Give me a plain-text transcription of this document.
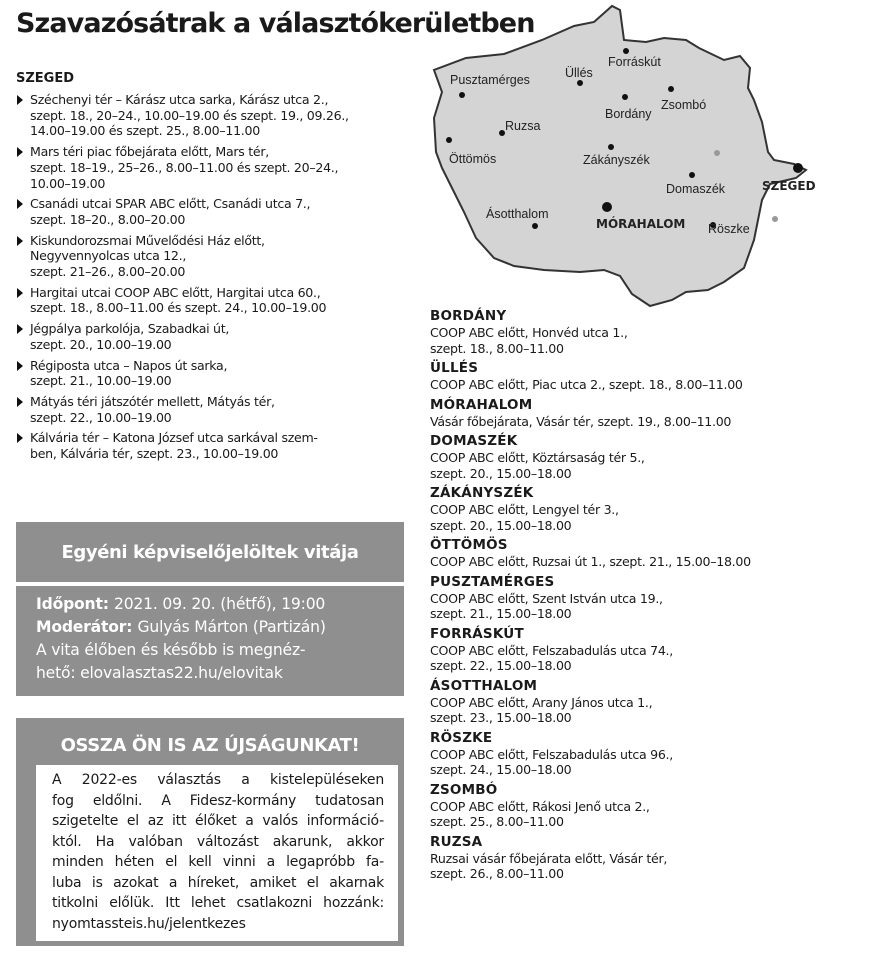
Szavazósátrak a választókerületben
SZEGED
Széchenyi tér – Kárász utca sarka, Kárász utca 2.,
szept. 18., 20–24., 10.00–19.00 és szept. 19., 09.26.,
14.00–19.00 és szept. 25., 8.00–11.00
Mars téri piac főbejárata előtt, Mars tér,
szept. 18–19., 25–26., 8.00–11.00 és szept. 20–24.,
10.00–19.00
Csanádi utcai SPAR ABC előtt, Csanádi utca 7.,
szept. 18–20., 8.00–20.00
Kiskundorozsmai Művelődési Ház előtt,
Negyvennyolcas utca 12.,
szept. 21–26., 8.00–20.00
Hargitai utcai COOP ABC előtt, Hargitai utca 60.,
szept. 18., 8.00–11.00 és szept. 24., 10.00–19.00
Jégpálya parkolója, Szabadkai út,
szept. 20., 10.00–19.00
Régiposta utca – Napos út sarka,
szept. 21., 10.00–19.00
Mátyás téri játszótér mellett, Mátyás tér,
szept. 22., 10.00–19.00
Kálvária tér – Katona József utca sarkával szem-
ben, Kálvária tér, szept. 23., 10.00–19.00
Forráskút
Üllés
Pusztamérges
Zsombó
Bordány
Ruzsa
Öttömös	Zákányszék
Domaszék	SZEGED
Ásotthalom
MÓRAHALOM Röszke
BORDÁNY
COOP ABC előtt, Honvéd utca 1.,
szept. 18., 8.00–11.00
ÜLLÉS
COOP ABC előtt, Piac utca 2., szept. 18., 8.00–11.00
MÓRAHALOM
Vásár főbejárata, Vásár tér, szept. 19., 8.00–11.00
DOMASZÉK
COOP ABC előtt, Köztársaság tér 5.,
szept. 20., 15.00–18.00
ZÁKÁNYSZÉK
COOP ABC előtt, Lengyel tér 3.,
szept. 20., 15.00–18.00
ÖTTÖMÖS
COOP ABC előtt, Ruzsai út 1., szept. 21., 15.00–18.00
PUSZTAMÉRGES
COOP ABC előtt, Szent István utca 19.,
szept. 21., 15.00–18.00
FORRÁSKÚT
COOP ABC előtt, Felszabadulás utca 74.,
szept. 22., 15.00–18.00
ÁSOTTHALOM
COOP ABC előtt, Arany János utca 1.,
szept. 23., 15.00–18.00
RÖSZKE
COOP ABC előtt, Felszabadulás utca 96.,
szept. 24., 15.00–18.00
ZSOMBÓ
COOP ABC előtt, Rákosi Jenő utca 2.,
szept. 25., 8.00–11.00
RUZSA
Ruzsai vásár főbejárata előtt, Vásár tér,
szept. 26., 8.00–11.00
Egyéni képviselőjelöltek vitája
Időpont: 2021. 09. 20. (hétfő), 19:00
Moderátor: Gulyás Márton (Partizán)
A vita élőben és később is megnéz-
hető: elovalasztas22.hu/elovitak
OSSZA ÖN IS AZ ÚJSÁGUNKAT!
A 2022-es választás a kistelepüléseken
fog eldőlni. A Fidesz-kormány tudatosan
szigetelte el az itt élőket a valós információ-
któl. Ha valóban változást akarunk, akkor
minden héten el kell vinni a legapróbb fa-
luba is azokat a híreket, amiket el akarnak
titkolni előlük. Itt lehet csatlakozni hozzánk:
nyomtassteis.hu/jelentkezes
